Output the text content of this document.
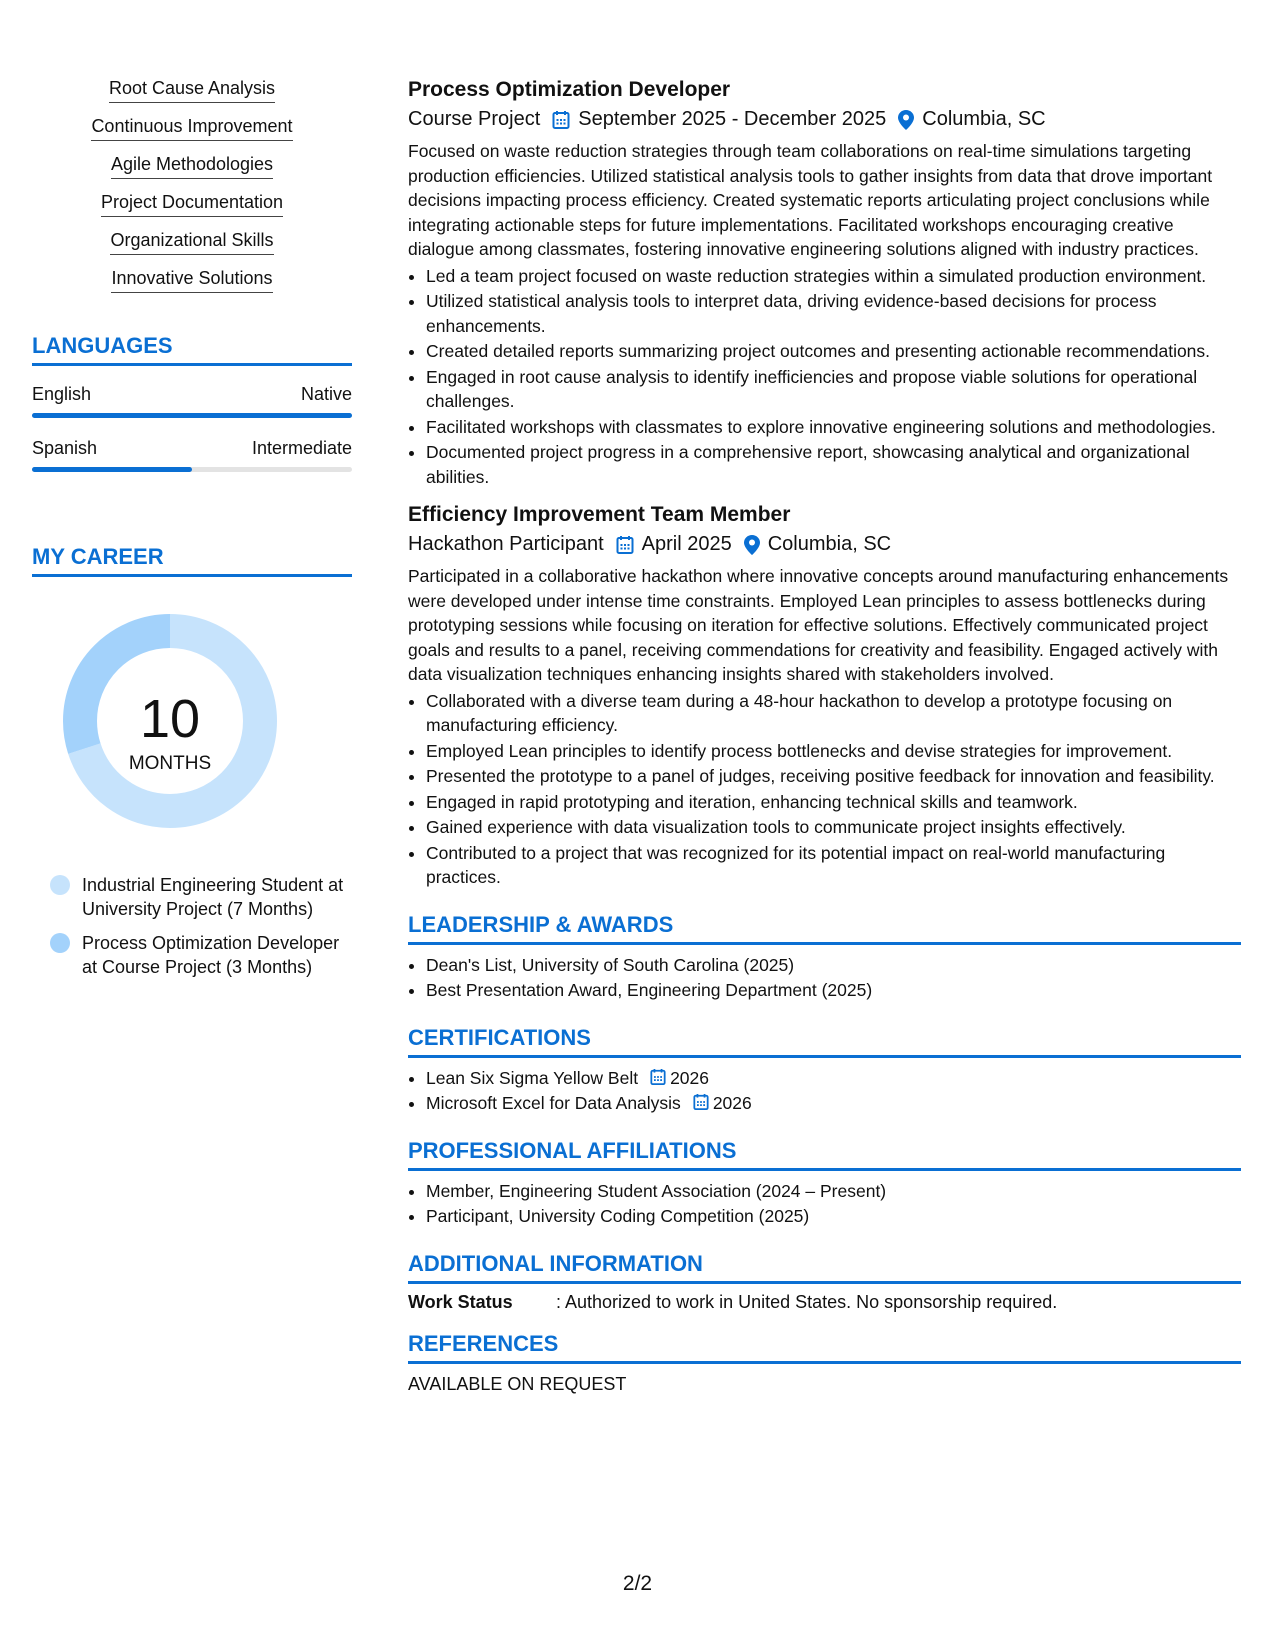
Root Cause Analysis
Continuous Improvement
Agile Methodologies
Project Documentation
Organizational Skills
Innovative Solutions
LANGUAGES
English	Native
Spanish	Intermediate
MY CAREER
10
MONTHS
Industrial Engineering Student at University Project (7 Months)
Process Optimization Developer at Course Project (3 Months)
Process Optimization Developer
Course Project September 2025 - December 2025 Columbia, SC
Focused on waste reduction strategies through team collaborations on real-time simulations targeting production efficiencies. Utilized statistical analysis tools to gather insights from data that drove important decisions impacting process efficiency. Created systematic reports articulating project conclusions while integrating actionable steps for future implementations. Facilitated workshops encouraging creative dialogue among classmates, fostering innovative engineering solutions aligned with industry practices.
• Led a team project focused on waste reduction strategies within a simulated production environment.
• Utilized statistical analysis tools to interpret data, driving evidence-based decisions for process enhancements.
• Created detailed reports summarizing project outcomes and presenting actionable recommendations.
• Engaged in root cause analysis to identify inefficiencies and propose viable solutions for operational challenges.
• Facilitated workshops with classmates to explore innovative engineering solutions and methodologies.
• Documented project progress in a comprehensive report, showcasing analytical and organizational abilities.
Efficiency Improvement Team Member
Hackathon Participant April 2025 Columbia, SC
Participated in a collaborative hackathon where innovative concepts around manufacturing enhancements were developed under intense time constraints. Employed Lean principles to assess bottlenecks during prototyping sessions while focusing on iteration for effective solutions. Effectively communicated project goals and results to a panel, receiving commendations for creativity and feasibility. Engaged actively with data visualization techniques enhancing insights shared with stakeholders involved.
• Collaborated with a diverse team during a 48-hour hackathon to develop a prototype focusing on manufacturing efficiency.
• Employed Lean principles to identify process bottlenecks and devise strategies for improvement.
• Presented the prototype to a panel of judges, receiving positive feedback for innovation and feasibility.
• Engaged in rapid prototyping and iteration, enhancing technical skills and teamwork.
• Gained experience with data visualization tools to communicate project insights effectively.
• Contributed to a project that was recognized for its potential impact on real-world manufacturing practices.
LEADERSHIP & AWARDS
• Dean's List, University of South Carolina (2025)
• Best Presentation Award, Engineering Department (2025)
CERTIFICATIONS
• Lean Six Sigma Yellow Belt 2026
• Microsoft Excel for Data Analysis 2026
PROFESSIONAL AFFILIATIONS
• Member, Engineering Student Association (2024 – Present)
• Participant, University Coding Competition (2025)
ADDITIONAL INFORMATION
Work Status	: Authorized to work in United States. No sponsorship required.
REFERENCES
AVAILABLE ON REQUEST
2/2
